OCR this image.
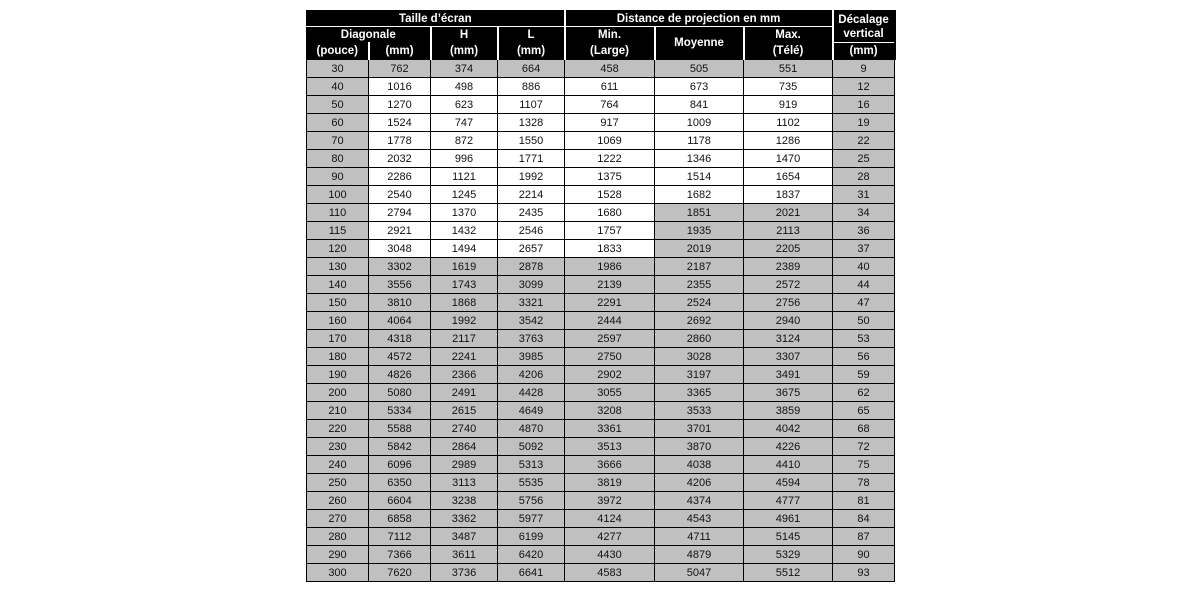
Taille d’écran				Distance de projection en mm			Décalage vertical
Diagonale		H	L	Min.	Moyenne	Max.	
(pouce)	(mm)	(mm)	(mm)	(Large)		(Télé)	(mm)
30	762	374	664	458	505	551	9
40	1016	498	886	611	673	735	12
50	1270	623	1107	764	841	919	16
60	1524	747	1328	917	1009	1102	19
70	1778	872	1550	1069	1178	1286	22
80	2032	996	1771	1222	1346	1470	25
90	2286	1121	1992	1375	1514	1654	28
100	2540	1245	2214	1528	1682	1837	31
110	2794	1370	2435	1680	1851	2021	34
115	2921	1432	2546	1757	1935	2113	36
120	3048	1494	2657	1833	2019	2205	37
130	3302	1619	2878	1986	2187	2389	40
140	3556	1743	3099	2139	2355	2572	44
150	3810	1868	3321	2291	2524	2756	47
160	4064	1992	3542	2444	2692	2940	50
170	4318	2117	3763	2597	2860	3124	53
180	4572	2241	3985	2750	3028	3307	56
190	4826	2366	4206	2902	3197	3491	59
200	5080	2491	4428	3055	3365	3675	62
210	5334	2615	4649	3208	3533	3859	65
220	5588	2740	4870	3361	3701	4042	68
230	5842	2864	5092	3513	3870	4226	72
240	6096	2989	5313	3666	4038	4410	75
250	6350	3113	5535	3819	4206	4594	78
260	6604	3238	5756	3972	4374	4777	81
270	6858	3362	5977	4124	4543	4961	84
280	7112	3487	6199	4277	4711	5145	87
290	7366	3611	6420	4430	4879	5329	90
300	7620	3736	6641	4583	5047	5512	93
